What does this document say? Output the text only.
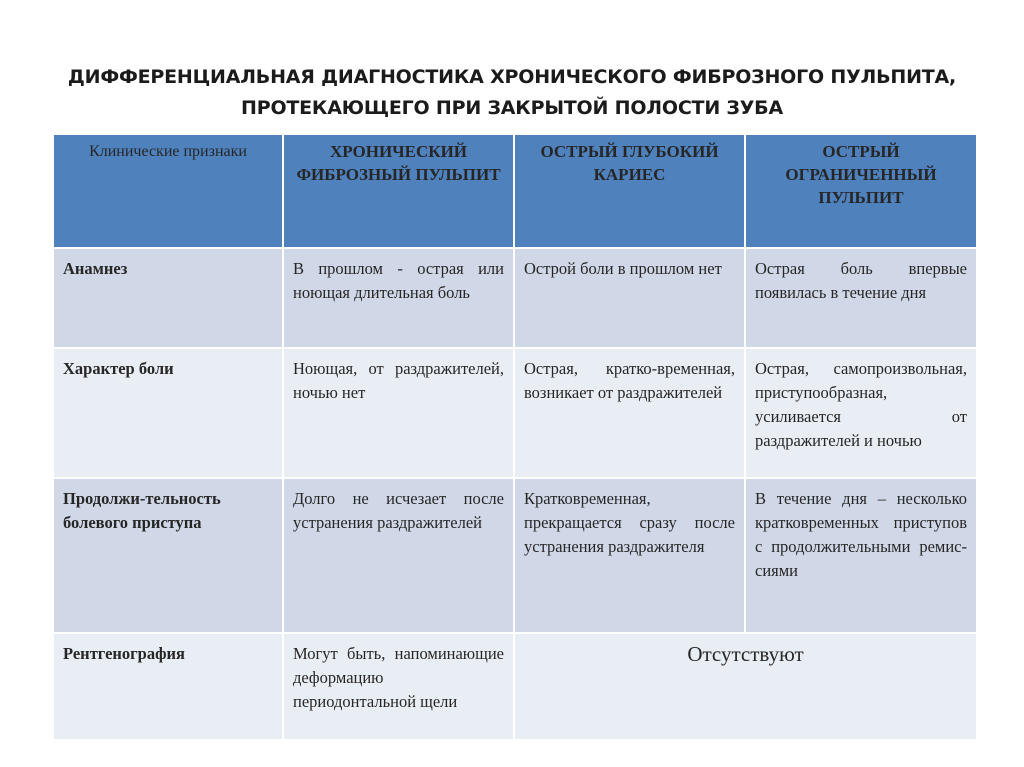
ДИФФЕРЕНЦИАЛЬНАЯ ДИАГНОСТИКА ХРОНИЧЕСКОГО ФИБРОЗНОГО ПУЛЬПИТА,
ПРОТЕКАЮЩЕГО ПРИ ЗАКРЫТОЙ ПОЛОСТИ ЗУБА
Клинические признаки	ХРОНИЧЕСКИЙ ФИБРОЗНЫЙ ПУЛЬПИТ	ОСТРЫЙ ГЛУБОКИЙ КАРИЕС	ОСТРЫЙ ОГРАНИЧЕННЫЙ ПУЛЬПИТ
Анамнез	В прошлом - острая или ноющая длительная боль	Острой боли в прошлом нет	Острая боль впервые появилась в течение дня
Характер боли	Ноющая, от раздражителей, ночью нет	Острая, кратко-временная, возникает от раздражителей	Острая, самопроизвольная, приступообразная, усиливается от раздражителей и ночью
Продолжи-тельность болевого приступа	Долго не исчезает после устранения раздражителей	Кратковременная, прекращается сразу после устранения раздражителя	В течение дня – несколько кратковременных приступов с продолжительными ремис-сиями
Рентгенография	Могут быть, напоминающие деформацию периодонтальной щели	Отсутствуют	
